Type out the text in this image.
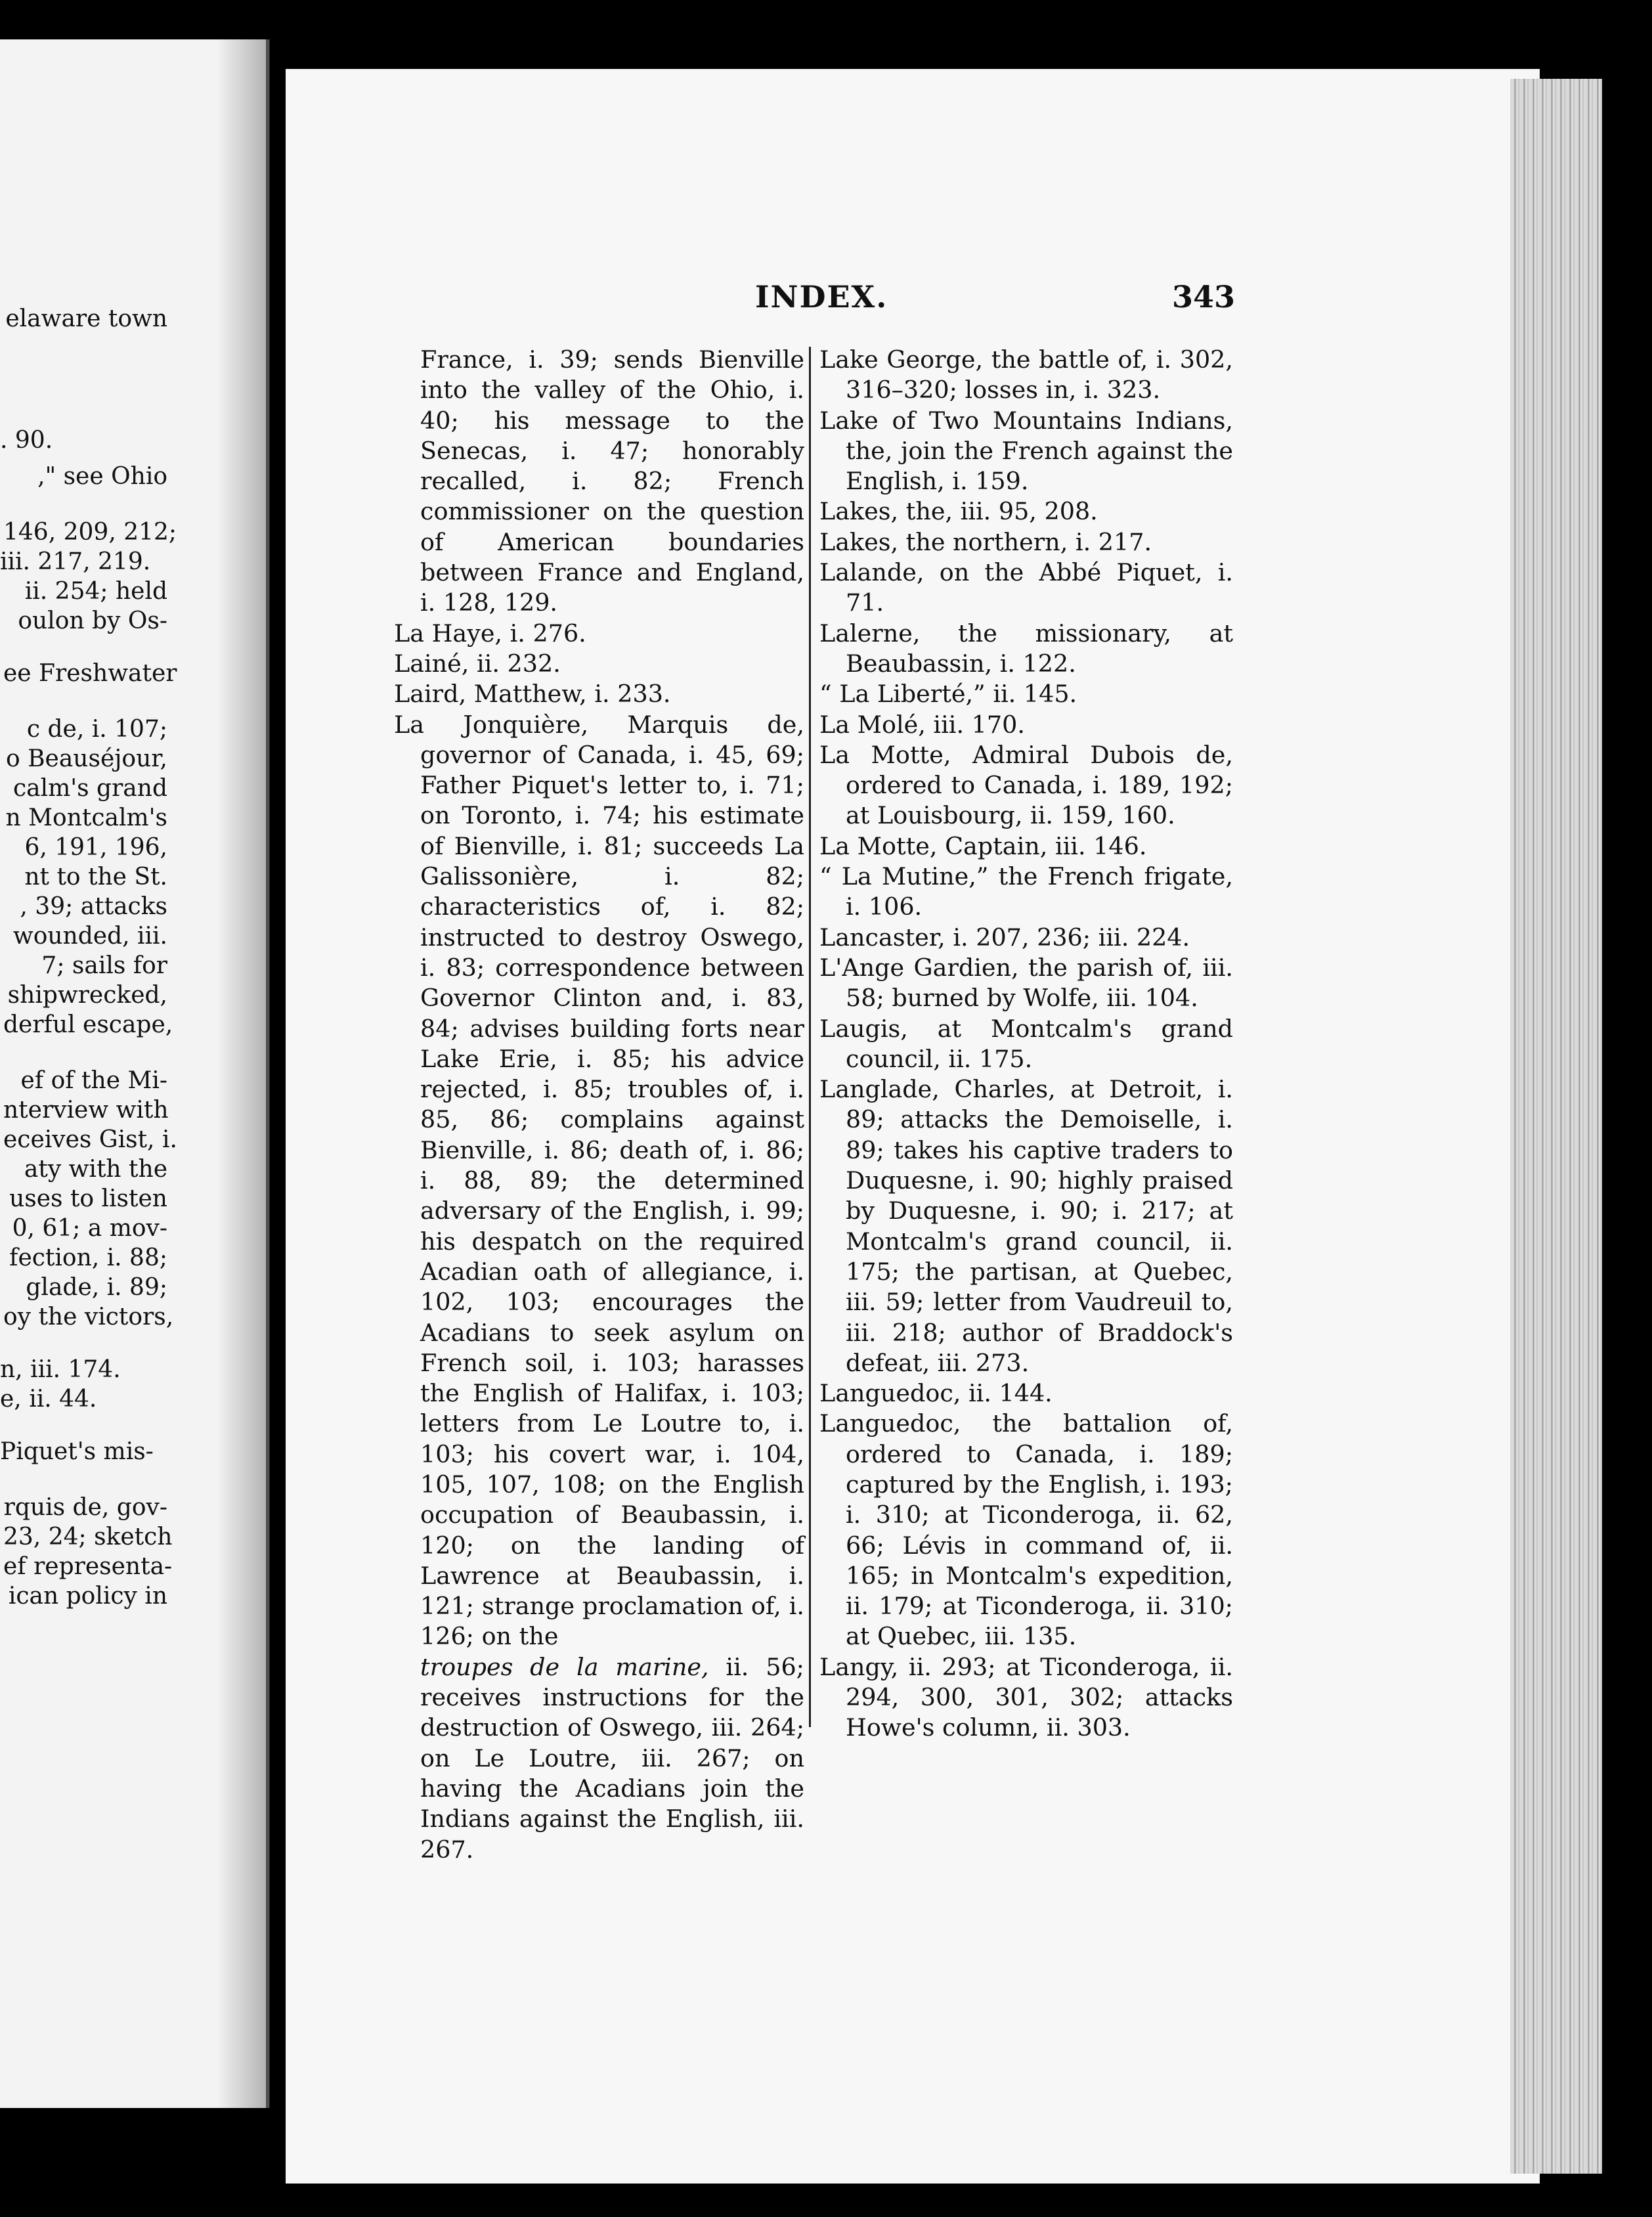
elaware town
. 90.
," see Ohio
146, 209, 212;
iii. 217, 219.
ii. 254; held
oulon by Os-
ee Freshwater
c de, i. 107;
o Beauséjour,
calm's grand
n Montcalm's
6, 191, 196,
nt to the St.
, 39; attacks
wounded, iii.
7; sails for
shipwrecked,
derful escape,
ef of the Mi-
nterview with
eceives Gist, i.
aty with the
uses to listen
0, 61; a mov-
fection, i. 88;
glade, i. 89;
oy the victors,
n, iii. 174.
e, ii. 44.
Piquet's mis-
rquis de, gov-
23, 24; sketch
ef representa-
ican policy in
INDEX.	343

France, i. 39; sends Bienville into the valley of the Ohio, i. 40; his message to the Senecas, i. 47; honorably recalled, i. 82; French commissioner on the question of American boundaries between France and England, i. 128, 129.

La Haye, i. 276.

Lainé, ii. 232.

Laird, Matthew, i. 233.

La Jonquière, Marquis de, governor of Canada, i. 45, 69; Father Piquet's letter to, i. 71; on Toronto, i. 74; his estimate of Bienville, i. 81; succeeds La Galissonière, i. 82; characteristics of, i. 82; instructed to destroy Oswego, i. 83; correspondence between Governor Clinton and, i. 83, 84; advises building forts near Lake Erie, i. 85; his advice rejected, i. 85; troubles of, i. 85, 86; complains against Bienville, i. 86; death of, i. 86; i. 88, 89; the determined adversary of the English, i. 99; his despatch on the required Acadian oath of allegiance, i. 102, 103; encourages the Acadians to seek asylum on French soil, i. 103; harasses the English of Halifax, i. 103; letters from Le Loutre to, i. 103; his covert war, i. 104, 105, 107, 108; on the English occupation of Beaubassin, i. 120; on the landing of Lawrence at Beaubassin, i. 121; strange proclamation of, i. 126; on the

troupes de la marine, ii. 56; receives instructions for the destruction of Oswego, iii. 264; on Le Loutre, iii. 267; on having the Acadians join the Indians against the English, iii. 267.

Lake George, the battle of, i. 302, 316–320; losses in, i. 323.

Lake of Two Mountains Indians, the, join the French against the English, i. 159.

Lakes, the, iii. 95, 208.

Lakes, the northern, i. 217.

Lalande, on the Abbé Piquet, i. 71.

Lalerne, the missionary, at Beaubassin, i. 122.

“ La Liberté,” ii. 145.

La Molé, iii. 170.

La Motte, Admiral Dubois de, ordered to Canada, i. 189, 192; at Louisbourg, ii. 159, 160.

La Motte, Captain, iii. 146.

“ La Mutine,” the French frigate, i. 106.

Lancaster, i. 207, 236; iii. 224.

L'Ange Gardien, the parish of, iii. 58; burned by Wolfe, iii. 104.

Laugis, at Montcalm's grand council, ii. 175.

Langlade, Charles, at Detroit, i. 89; attacks the Demoiselle, i. 89; takes his captive traders to Duquesne, i. 90; highly praised by Duquesne, i. 90; i. 217; at Montcalm's grand council, ii. 175; the partisan, at Quebec, iii. 59; letter from Vaudreuil to, iii. 218; author of Braddock's defeat, iii. 273.

Languedoc, ii. 144.

Languedoc, the battalion of, ordered to Canada, i. 189; captured by the English, i. 193; i. 310; at Ticonderoga, ii. 62, 66; Lévis in command of, ii. 165; in Montcalm's expedition, ii. 179; at Ticonderoga, ii. 310; at Quebec, iii. 135.

Langy, ii. 293; at Ticonderoga, ii. 294, 300, 301, 302; attacks Howe's column, ii. 303.
